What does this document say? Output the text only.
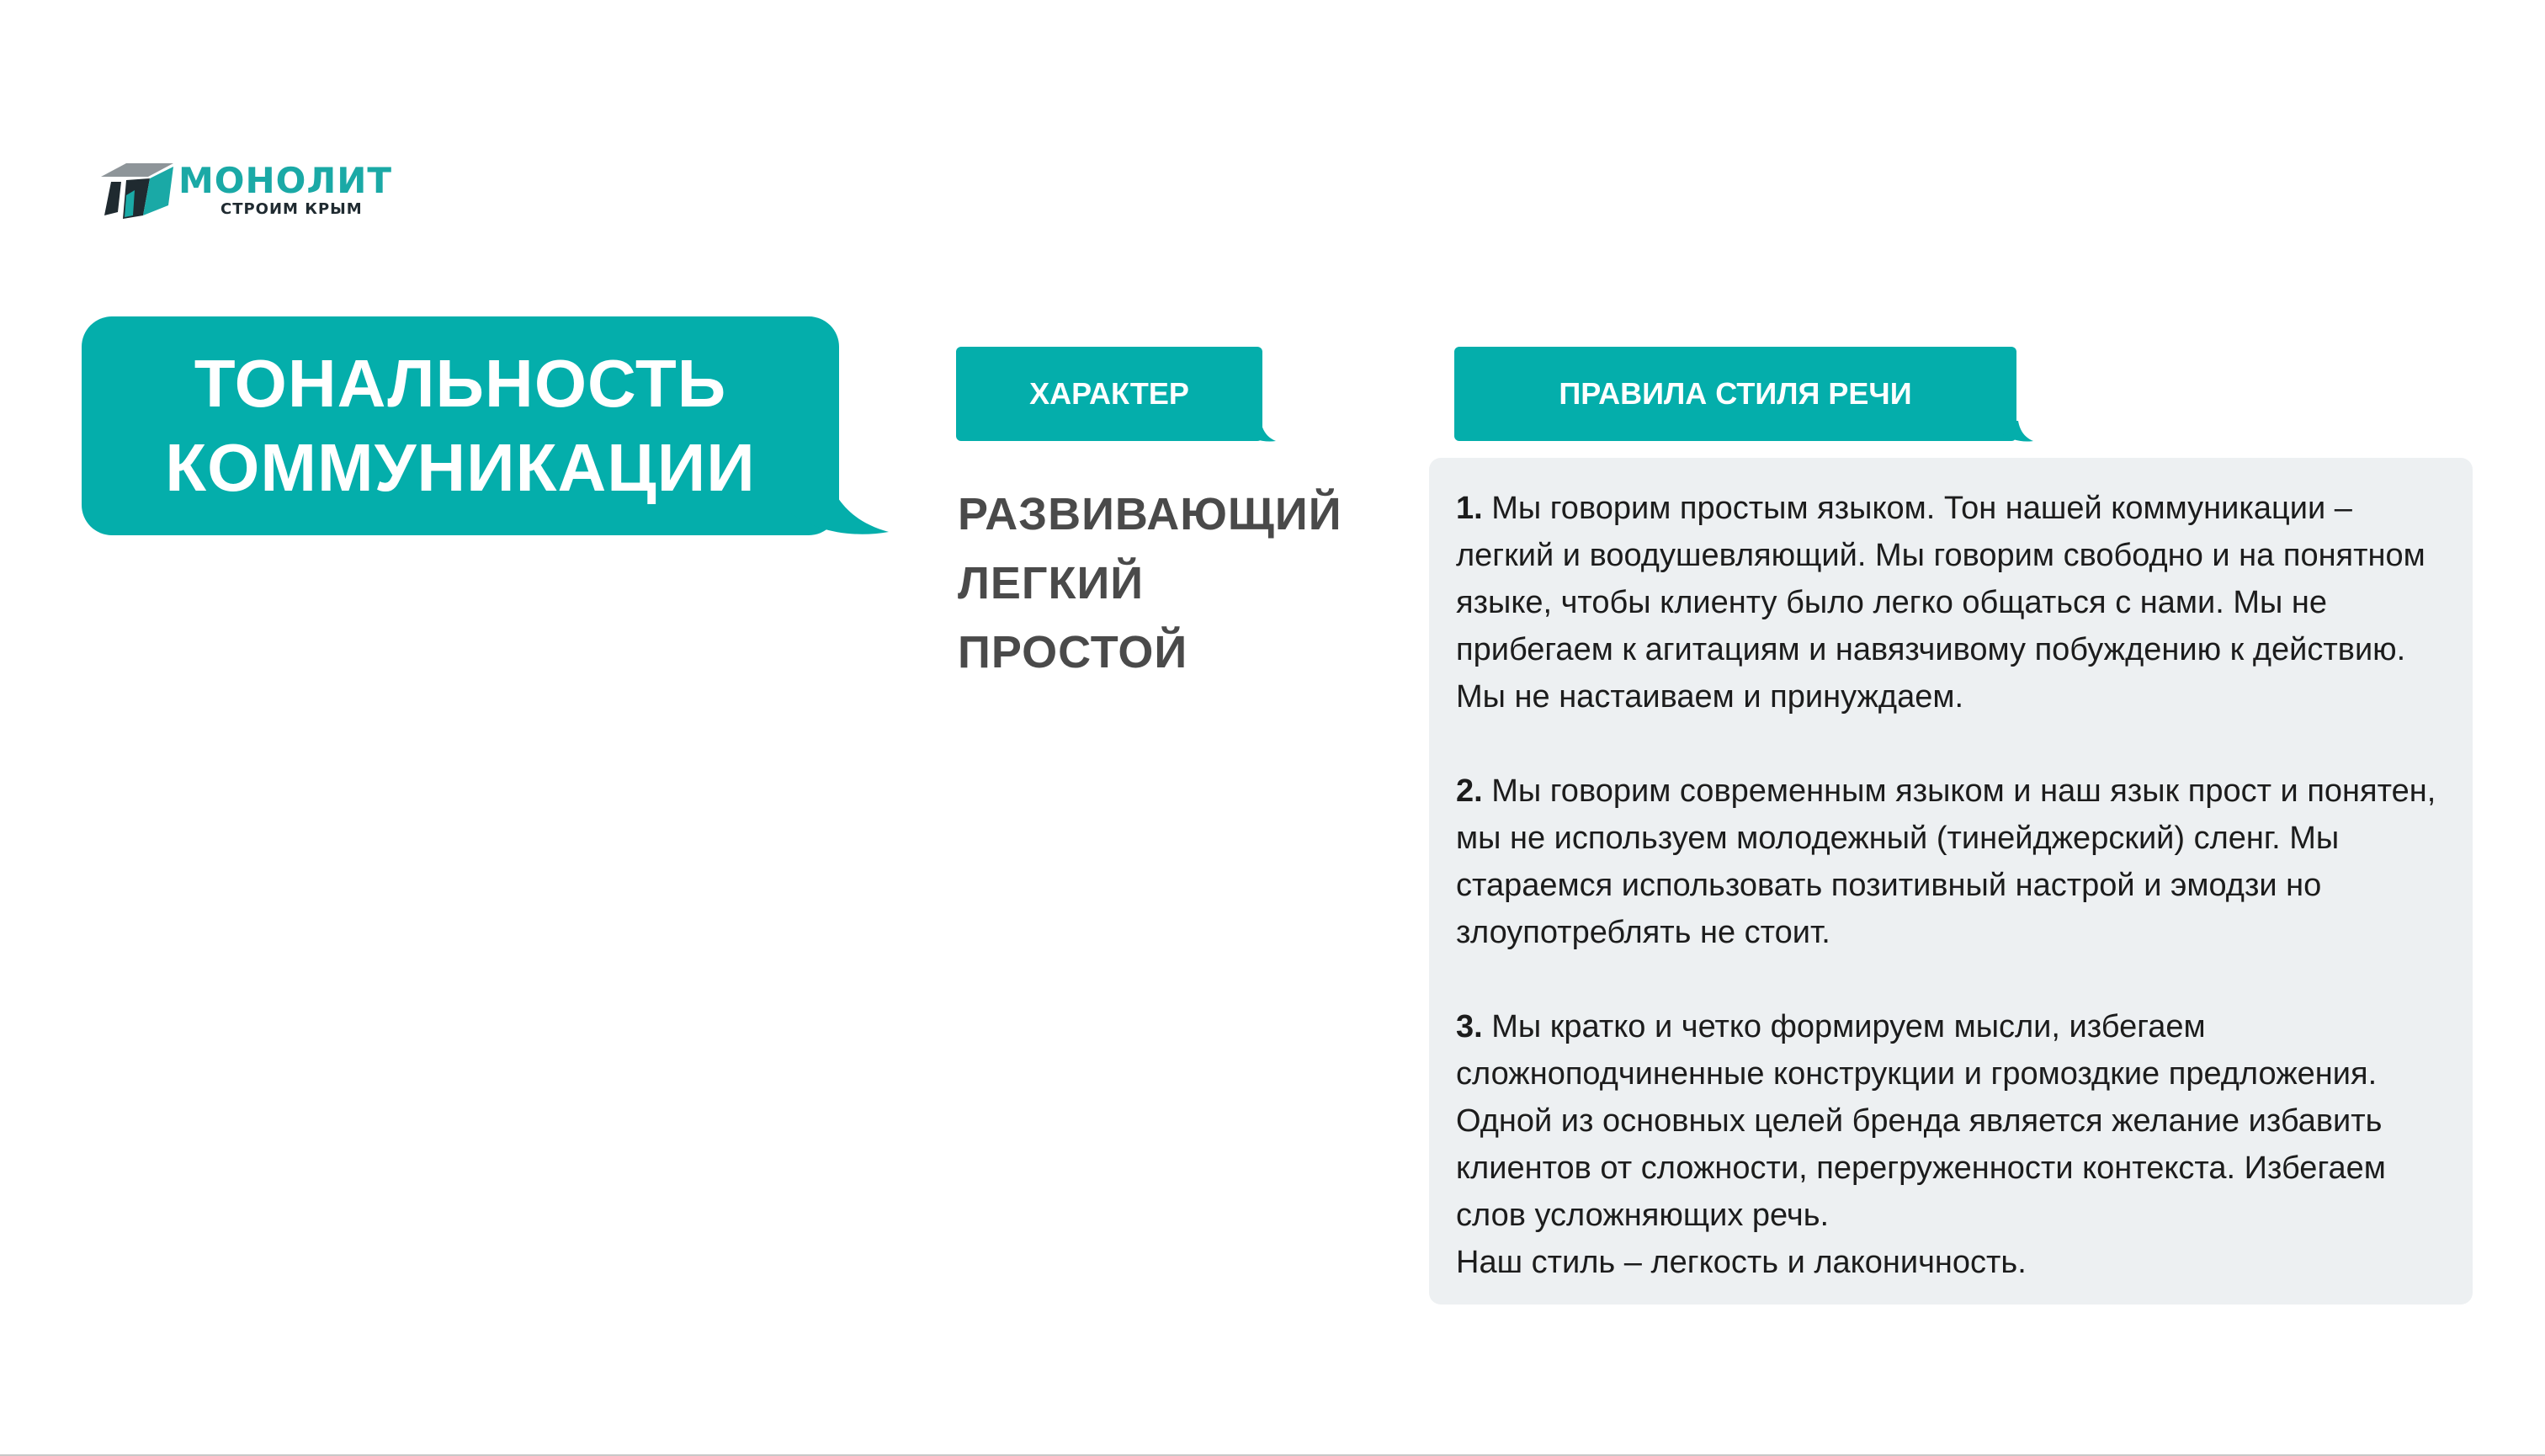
МОНОЛИТ
СТРОИМ КРЫМ
ТОНАЛЬНОСТЬ
КОММУНИКАЦИИ
ХАРАКТЕР
РАЗВИВАЮЩИЙ
ЛЕГКИЙ
ПРОСТОЙ
ПРАВИЛА СТИЛЯ РЕЧИ

1. Мы говорим простым языком. Тон нашей коммуникации – легкий и воодушевляющий. Мы говорим свободно и на понятном языке, чтобы клиенту было легко общаться с нами. Мы не прибегаем к агитациям и навязчивому побуждению к действию. Мы не настаиваем и принуждаем.

2. Мы говорим современным языком и наш язык прост и понятен, мы не используем молодежный (тинейджерский) сленг. Мы стараемся использовать позитивный настрой и эмодзи но злоупотреблять не стоит.

3. Мы кратко и четко формируем мысли, избегаем сложноподчиненные конструкции и громоздкие предложения. Одной из основных целей бренда является желание избавить клиентов от сложности, перегруженности контекста. Избегаем слов усложняющих речь.
Наш стиль – легкость и лаконичность.
